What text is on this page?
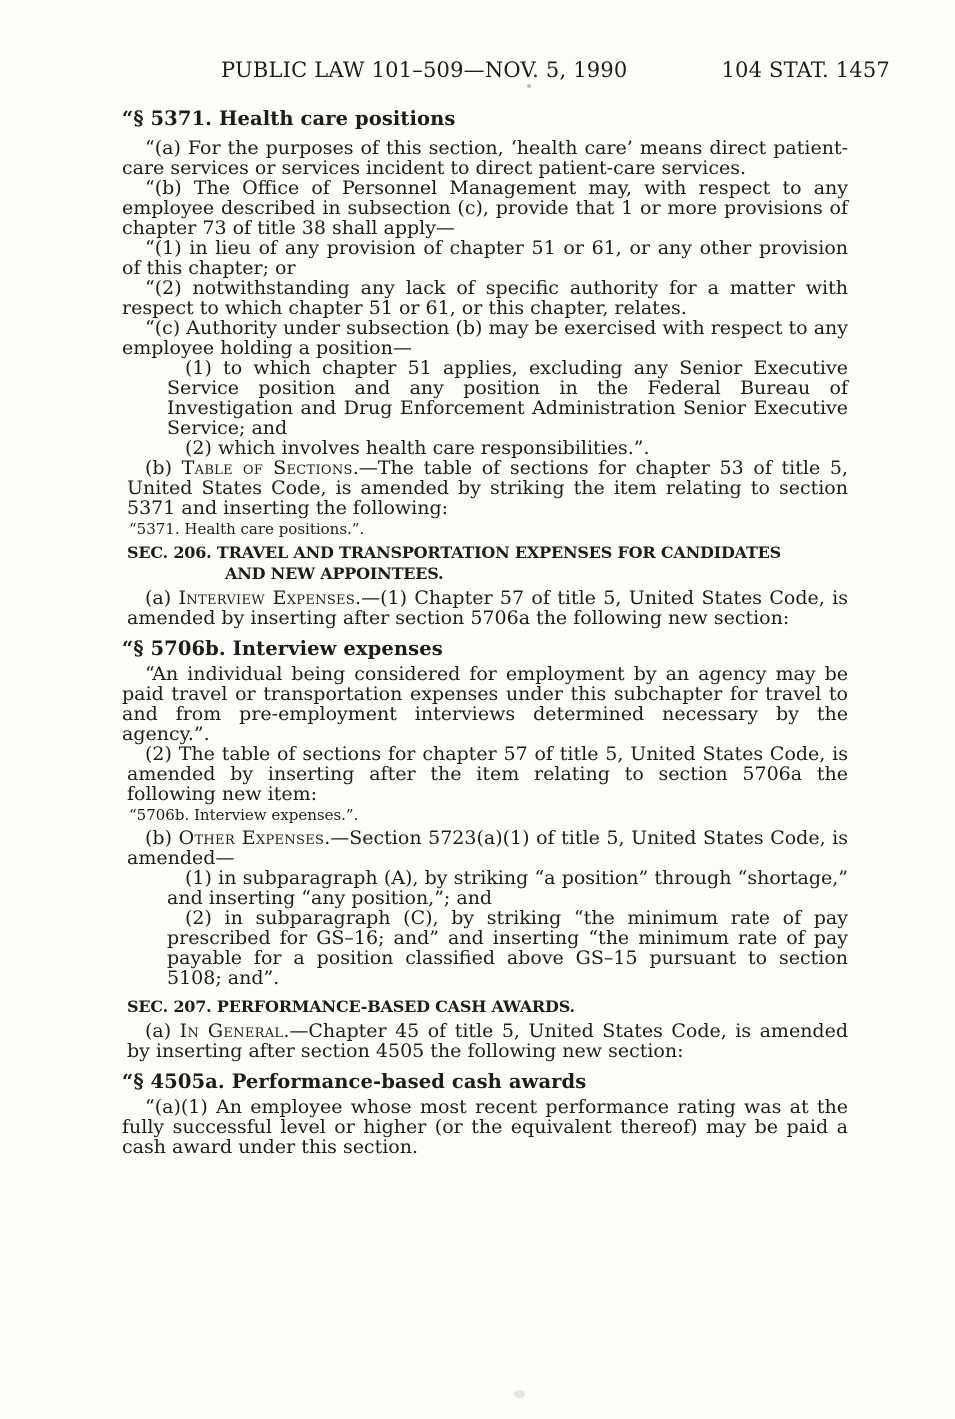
PUBLIC LAW 101–509—NOV. 5, 1990	104 STAT. 1457

“§ 5371. Health care positions

“(a) For the purposes of this section, ‘health care’ means direct patient-care services or services incident to direct patient-care services.

“(b) The Office of Personnel Management may, with respect to any employee described in subsection (c), provide that 1 or more provisions of chapter 73 of title 38 shall apply—

“(1) in lieu of any provision of chapter 51 or 61, or any other provision of this chapter; or

“(2) notwithstanding any lack of specific authority for a matter with respect to which chapter 51 or 61, or this chapter, relates.

“(c) Authority under subsection (b) may be exercised with respect to any employee holding a position—

(1) to which chapter 51 applies, excluding any Senior Executive Service position and any position in the Federal Bureau of Investigation and Drug Enforcement Administration Senior Executive Service; and

(2) which involves health care responsibilities.”.

(b) Table of Sections.—The table of sections for chapter 53 of title 5, United States Code, is amended by striking the item relating to section 5371 and inserting the following:

“5371. Health care positions.”.

SEC. 206. TRAVEL AND TRANSPORTATION EXPENSES FOR CANDIDATES
AND NEW APPOINTEES.

(a) Interview Expenses.—(1) Chapter 57 of title 5, United States Code, is amended by inserting after section 5706a the following new section:

“§ 5706b. Interview expenses

“An individual being considered for employment by an agency may be paid travel or transportation expenses under this subchapter for travel to and from pre-employment interviews determined necessary by the agency.”.

(2) The table of sections for chapter 57 of title 5, United States Code, is amended by inserting after the item relating to section 5706a the following new item:

“5706b. Interview expenses.”.

(b) Other Expenses.—Section 5723(a)(1) of title 5, United States Code, is amended—

(1) in subparagraph (A), by striking “a position” through “shortage,” and inserting “any position,”; and

(2) in subparagraph (C), by striking “the minimum rate of pay prescribed for GS–16; and” and inserting “the minimum rate of pay payable for a position classified above GS–15 pursuant to section 5108; and”.

SEC. 207. PERFORMANCE-BASED CASH AWARDS.

(a) In General.—Chapter 45 of title 5, United States Code, is amended by inserting after section 4505 the following new section:

“§ 4505a. Performance-based cash awards

“(a)(1) An employee whose most recent performance rating was at the fully successful level or higher (or the equivalent thereof) may be paid a cash award under this section.
